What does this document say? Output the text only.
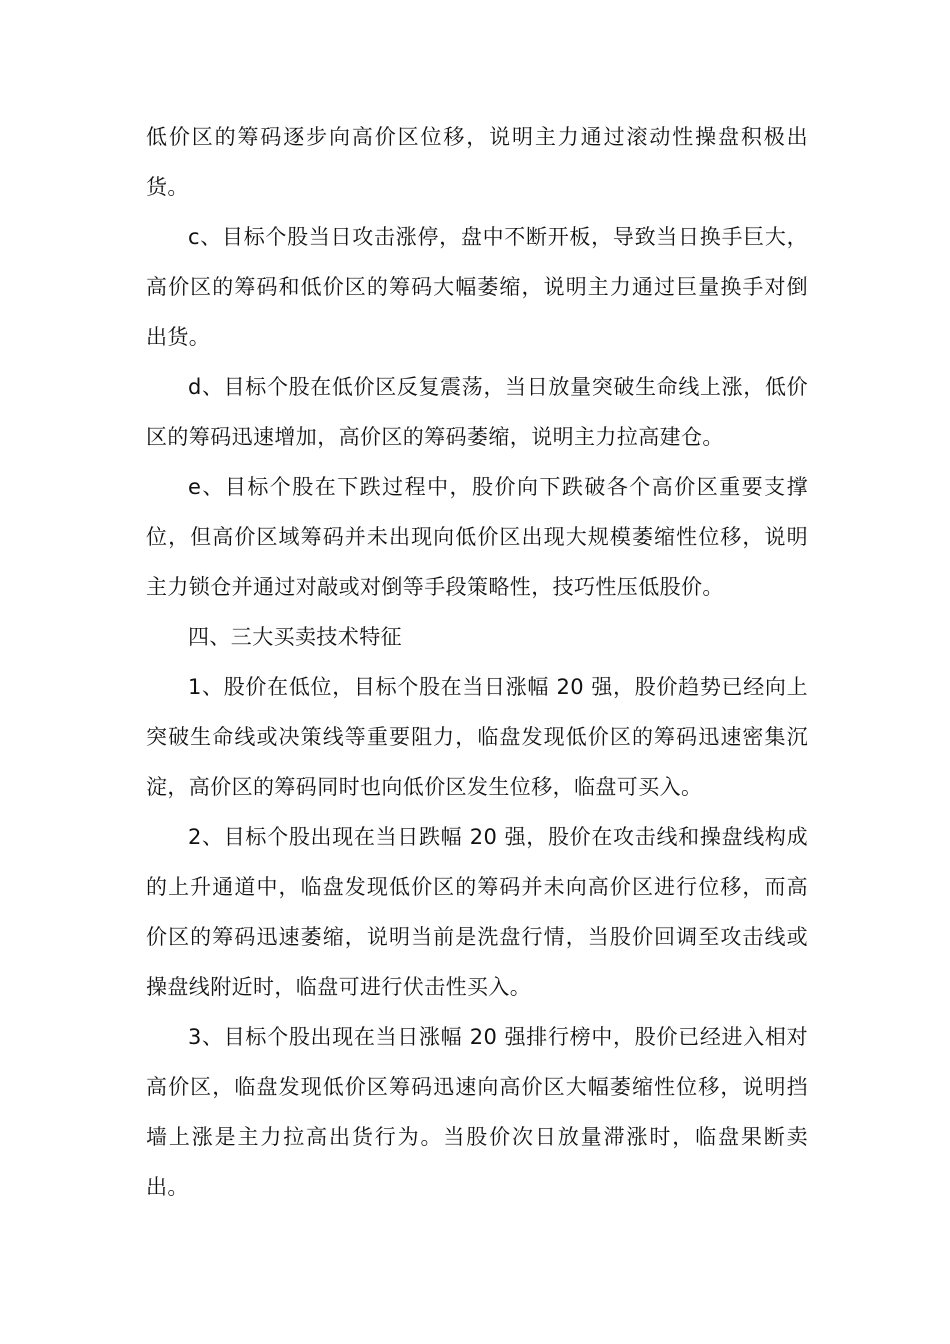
低价区的筹码逐步向高价区位移，说明主力通过滚动性操盘积极出货。

c、目标个股当日攻击涨停，盘中不断开板，导致当日换手巨大，高价区的筹码和低价区的筹码大幅萎缩，说明主力通过巨量换手对倒出货。

d、目标个股在低价区反复震荡，当日放量突破生命线上涨，低价区的筹码迅速增加，高价区的筹码萎缩，说明主力拉高建仓。

e、目标个股在下跌过程中，股价向下跌破各个高价区重要支撑位，但高价区域筹码并未出现向低价区出现大规模萎缩性位移，说明主力锁仓并通过对敲或对倒等手段策略性，技巧性压低股价。

四、三大买卖技术特征

1、股价在低位，目标个股在当日涨幅 20 强，股价趋势已经向上突破生命线或决策线等重要阻力，临盘发现低价区的筹码迅速密集沉淀，高价区的筹码同时也向低价区发生位移，临盘可买入。

2、目标个股出现在当日跌幅 20 强，股价在攻击线和操盘线构成的上升通道中，临盘发现低价区的筹码并未向高价区进行位移，而高价区的筹码迅速萎缩，说明当前是洗盘行情，当股价回调至攻击线或操盘线附近时，临盘可进行伏击性买入。

3、目标个股出现在当日涨幅 20 强排行榜中，股价已经进入相对高价区，临盘发现低价区筹码迅速向高价区大幅萎缩性位移，说明挡墙上涨是主力拉高出货行为。当股价次日放量滞涨时，临盘果断卖出。
